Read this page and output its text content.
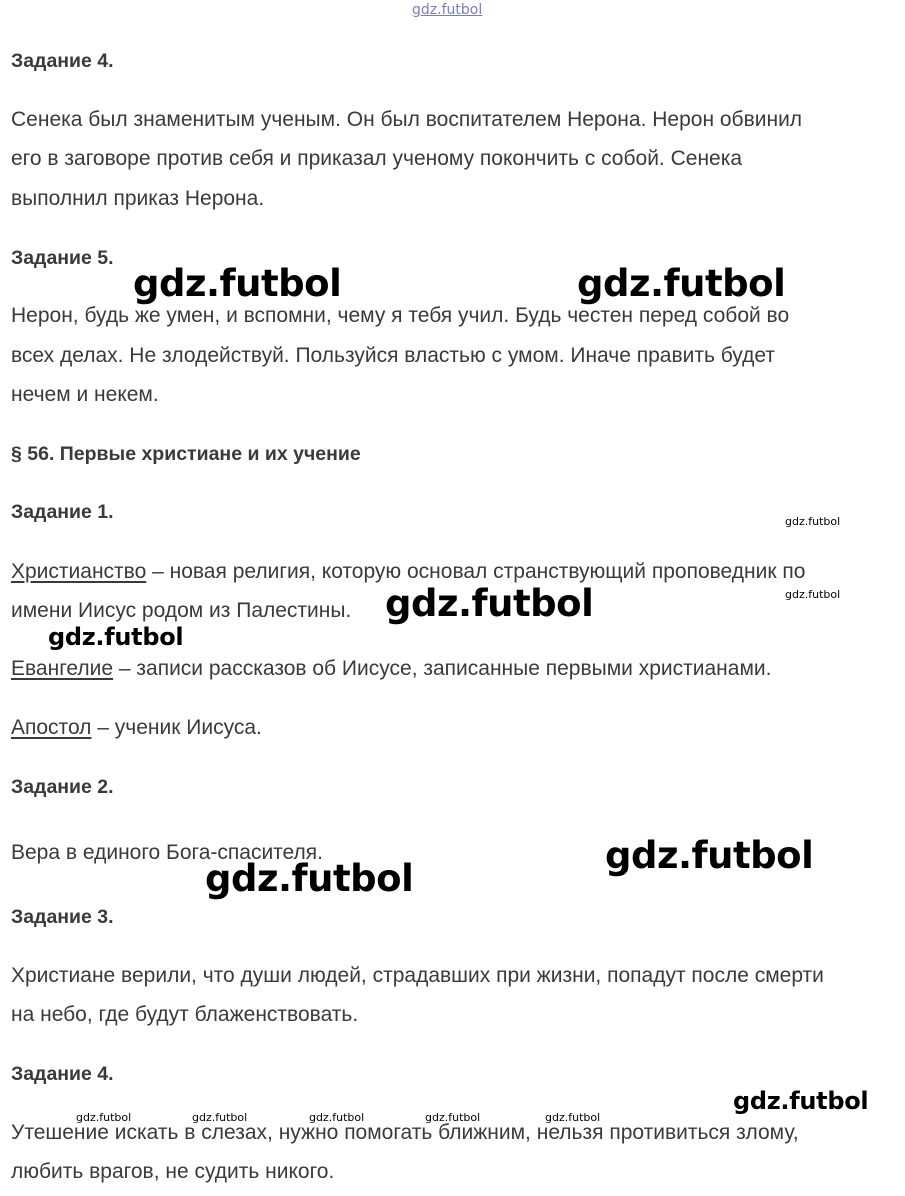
gdz.futbol
Задание 4.
Сенека был знаменитым ученым. Он был воспитателем Нерона. Нерон обвинил
его в заговоре против себя и приказал ученому покончить с собой. Сенека
выполнил приказ Нерона.
Задание 5.
Нерон, будь же умен, и вспомни, чему я тебя учил. Будь честен перед собой во
всех делах. Не злодействуй. Пользуйся властью с умом. Иначе править будет
нечем и некем.
§ 56. Первые христиане и их учение
Задание 1.
Христианство – новая религия, которую основал странствующий проповедник по
имени Иисус родом из Палестины.
Евангелие – записи рассказов об Иисусе, записанные первыми христианами.
Апостол – ученик Иисуса.
Задание 2.
Вера в единого Бога-спасителя.
Задание 3.
Христиане верили, что души людей, страдавших при жизни, попадут после смерти
на небо, где будут блаженствовать.
Задание 4.
Утешение искать в слезах, нужно помогать ближним, нельзя противиться злому,
любить врагов, не судить никого.
gdz.futbol	gdz.futbol
gdz.futbol
gdz.futbol
gdz.futbol
gdz.futbol
gdz.futbol
gdz.futbol
gdz.futbol
gdz.futbol	gdz.futbol	gdz.futbol	gdz.futbol	gdz.futbol
